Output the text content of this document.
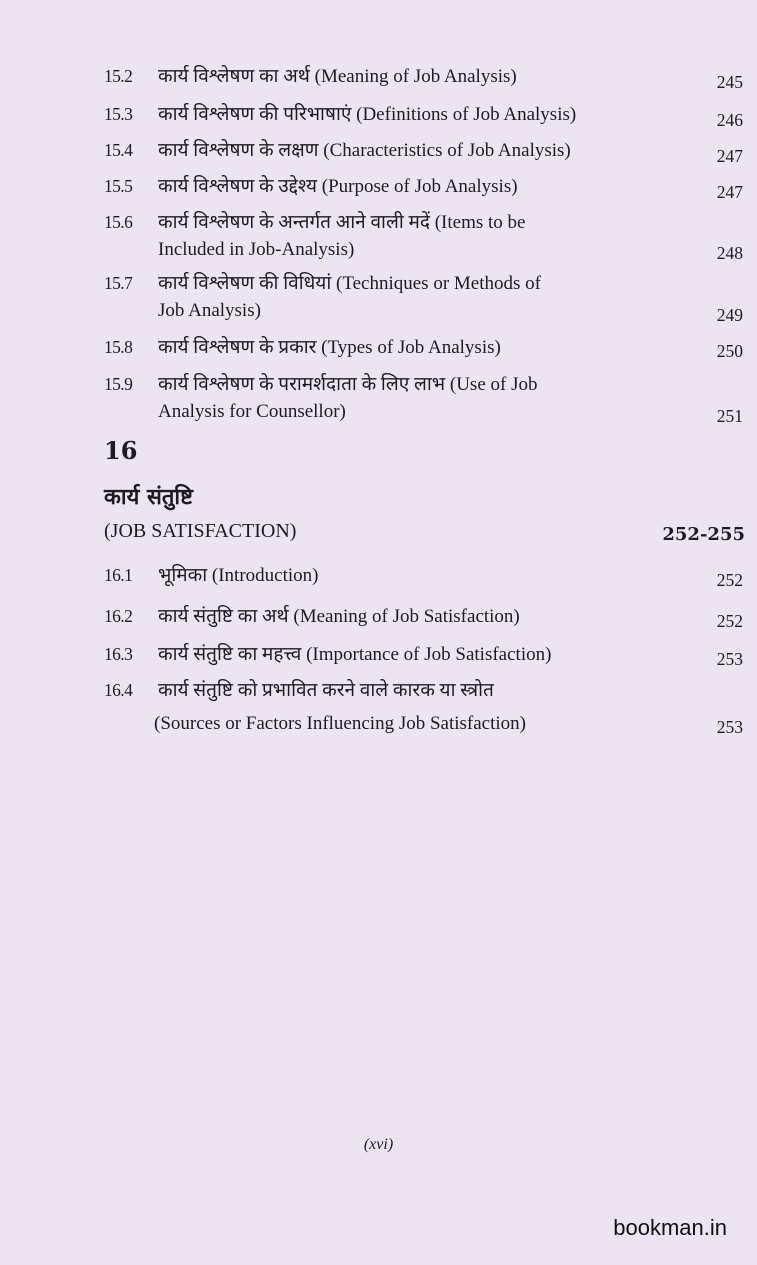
15.2	कार्य विश्लेषण का अर्थ (Meaning of Job Analysis)	245
15.3	कार्य विश्लेषण की परिभाषाएं (Definitions of Job Analysis)	246
15.4	कार्य विश्लेषण के लक्षण (Characteristics of Job Analysis)	247
15.5	कार्य विश्लेषण के उद्देश्य (Purpose of Job Analysis)	247
15.6	कार्य विश्लेषण के अन्तर्गत आने वाली मदें (Items to be
Included in Job-Analysis)	248
15.7	कार्य विश्लेषण की विधियां (Techniques or Methods of
Job Analysis)	249
15.8	कार्य विश्लेषण के प्रकार (Types of Job Analysis)	250
15.9	कार्य विश्लेषण के परामर्शदाता के लिए लाभ (Use of Job
Analysis for Counsellor)	251
16
कार्य संतुष्टि
(JOB SATISFACTION)	252-255
16.1	भूमिका (Introduction)	252
16.2	कार्य संतुष्टि का अर्थ (Meaning of Job Satisfaction)	252
16.3	कार्य संतुष्टि का महत्त्व (Importance of Job Satisfaction)	253
16.4	कार्य संतुष्टि को प्रभावित करने वाले कारक या स्त्रोत
(Sources or Factors Influencing Job Satisfaction)	253
(xvi)
bookman.in
